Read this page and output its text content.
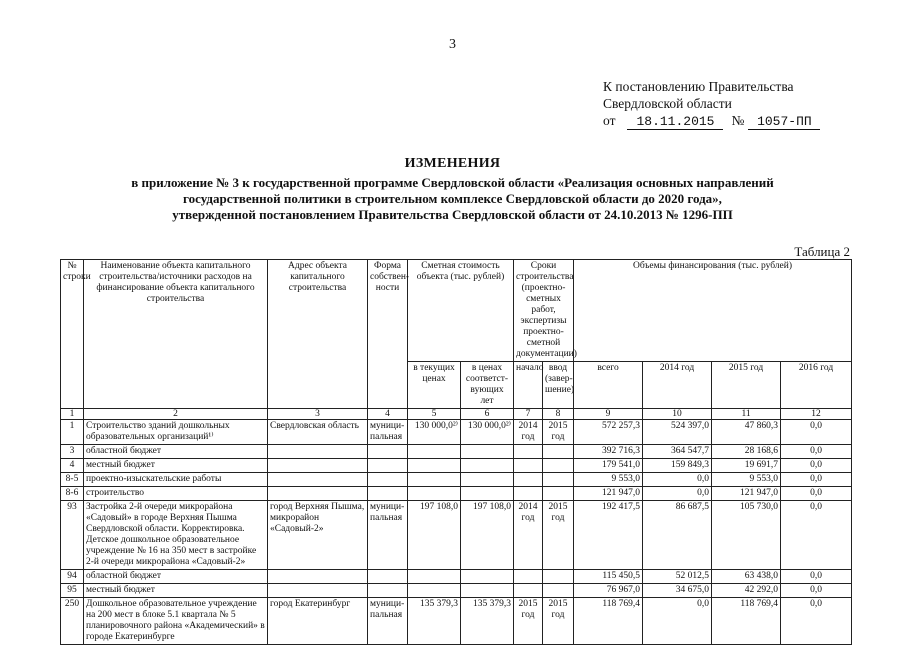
3
К постановлению Правительства
Свердловской области
от 18.11.2015 № 1057-ПП
ИЗМЕНЕНИЯ
в приложение № 3 к государственной программе Свердловской области «Реализация основных направлений
государственной политики в строительном комплексе Свердловской области до 2020 года»,
утвержденной постановлением Правительства Свердловской области от 24.10.2013 № 1296-ПП
Таблица 2
№ строки	Наименование объекта капитального строительства/источники расходов на финансирование объекта капитального строительства	Адрес объекта капитального строительства	Форма собствен-ности	Сметная стоимость объекта (тыс. рублей)		Сроки строительства (проектно-сметных работ, экспертизы проектно-сметной документации)		Объемы финансирования (тыс. рублей)			
				в текущих ценах	в ценах соответст-вующих лет	начало	ввод (завер-шение)	всего	2014 год	2015 год	2016 год
1	2	3	4	5	6	7	8	9	10	11	12
1	Строительство зданий дошкольных образовательных организаций¹⁾	Свердловская область	муници-пальная	130 000,0²⁾	130 000,0²⁾	2014 год	2015 год	572 257,3	524 397,0	47 860,3	0,0
3	областной бюджет							392 716,3	364 547,7	28 168,6	0,0
4	местный бюджет							179 541,0	159 849,3	19 691,7	0,0
8-5	проектно-изыскательские работы							9 553,0	0,0	9 553,0	0,0
8-6	строительство							121 947,0	0,0	121 947,0	0,0
93	Застройка 2-й очереди микрорайона «Садовый» в городе Верхняя Пышма Свердловской области. Корректировка. Детское дошкольное образовательное учреждение № 16 на 350 мест в застройке 2-й очереди микрорайона «Садовый-2»	город Верхняя Пышма, микрорайон «Садовый-2»	муници-пальная	197 108,0	197 108,0	2014 год	2015 год	192 417,5	86 687,5	105 730,0	0,0
94	областной бюджет							115 450,5	52 012,5	63 438,0	0,0
95	местный бюджет							76 967,0	34 675,0	42 292,0	0,0
250	Дошкольное образовательное учреждение на 200 мест в блоке 5.1 квартала № 5 планировочного района «Академический» в городе Екатеринбурге	город Екатеринбург	муници-пальная	135 379,3	135 379,3	2015 год	2015 год	118 769,4	0,0	118 769,4	0,0
